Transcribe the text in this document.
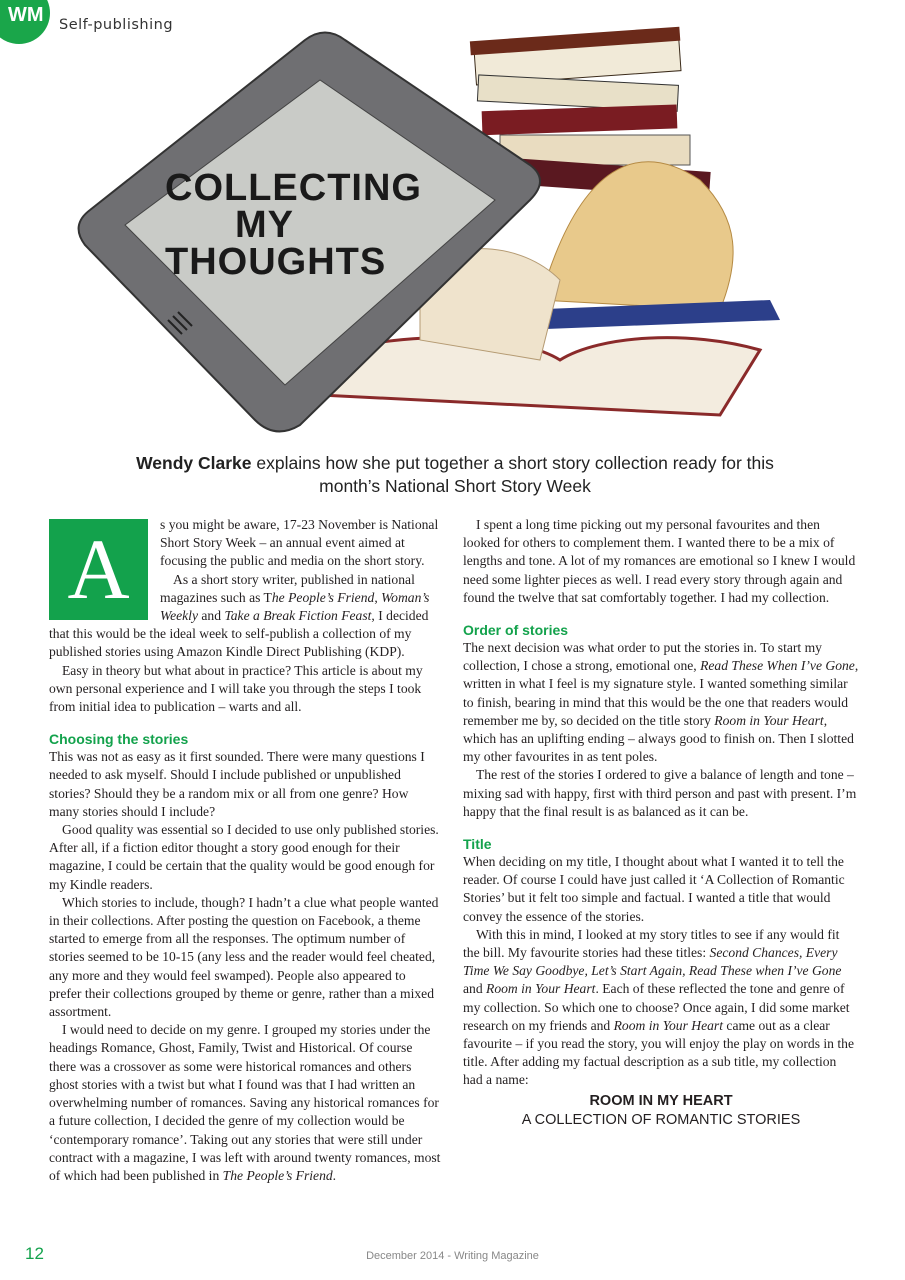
WM	Self-publishing
COLLECTING
MY
THOUGHTS
Wendy Clarke explains how she put together a short story collection ready for this month’s National Short Story Week
A	s you might be aware, 17-23 November is National Short Story Week – an annual event aimed at focusing the public and media on the short story.

As a short story writer, published in national magazines such as The People’s Friend, Woman’s Weekly and Take a Break Fiction Feast, I decided that this would be the ideal week to self-publish a collection of my published stories using Amazon Kindle Direct Publishing (KDP).

Easy in theory but what about in practice? This article is about my own personal experience and I will take you through the steps I took from initial idea to publication – warts and all.

Choosing the stories

This was not as easy as it first sounded. There were many questions I needed to ask myself. Should I include published or unpublished stories? Should they be a random mix or all from one genre? How many stories should I include?

Good quality was essential so I decided to use only published stories. After all, if a fiction editor thought a story good enough for their magazine, I could be certain that the quality would be good enough for my Kindle readers.

Which stories to include, though? I hadn’t a clue what people wanted in their collections. After posting the question on Facebook, a theme started to emerge from all the responses. The optimum number of stories seemed to be 10-15 (any less and the reader would feel cheated, any more and they would feel swamped). People also appeared to prefer their collections grouped by theme or genre, rather than a mixed assortment.

I would need to decide on my genre. I grouped my stories under the headings Romance, Ghost, Family, Twist and Historical. Of course there was a crossover as some were historical romances and others ghost stories with a twist but what I found was that I had written an overwhelming number of romances. Saving any historical romances for a future collection, I decided the genre of my collection would be ‘contemporary romance’. Taking out any stories that were still under contract with a magazine, I was left with around twenty romances, most of which had been published in The People’s Friend.

I spent a long time picking out my personal favourites and then looked for others to complement them. I wanted there to be a mix of lengths and tone. A lot of my romances are emotional so I knew I would need some lighter pieces as well. I read every story through again and found the twelve that sat comfortably together. I had my collection.

Order of stories

The next decision was what order to put the stories in. To start my collection, I chose a strong, emotional one, Read These When I’ve Gone, written in what I feel is my signature style. I wanted something similar to finish, bearing in mind that this would be the one that readers would remember me by, so decided on the title story Room in Your Heart, which has an uplifting ending – always good to finish on. Then I slotted my other favourites in as tent poles.

The rest of the stories I ordered to give a balance of length and tone – mixing sad with happy, first with third person and past with present. I’m happy that the final result is as balanced as it can be.

Title

When deciding on my title, I thought about what I wanted it to tell the reader. Of course I could have just called it ‘A Collection of Romantic Stories’ but it felt too simple and factual. I wanted a title that would convey the essence of the stories.

With this in mind, I looked at my story titles to see if any would fit the bill. My favourite stories had these titles: Second Chances, Every Time We Say Goodbye, Let’s Start Again, Read These when I’ve Gone and Room in Your Heart. Each of these reflected the tone and genre of my collection. So which one to choose? Once again, I did some market research on my friends and Room in Your Heart came out as a clear favourite – if you read the story, you will enjoy the play on words in the title. After adding my factual description as a sub title, my collection had a name:

ROOM IN MY HEART
A COLLECTION OF ROMANTIC STORIES
12	December 2014 - Writing Magazine
